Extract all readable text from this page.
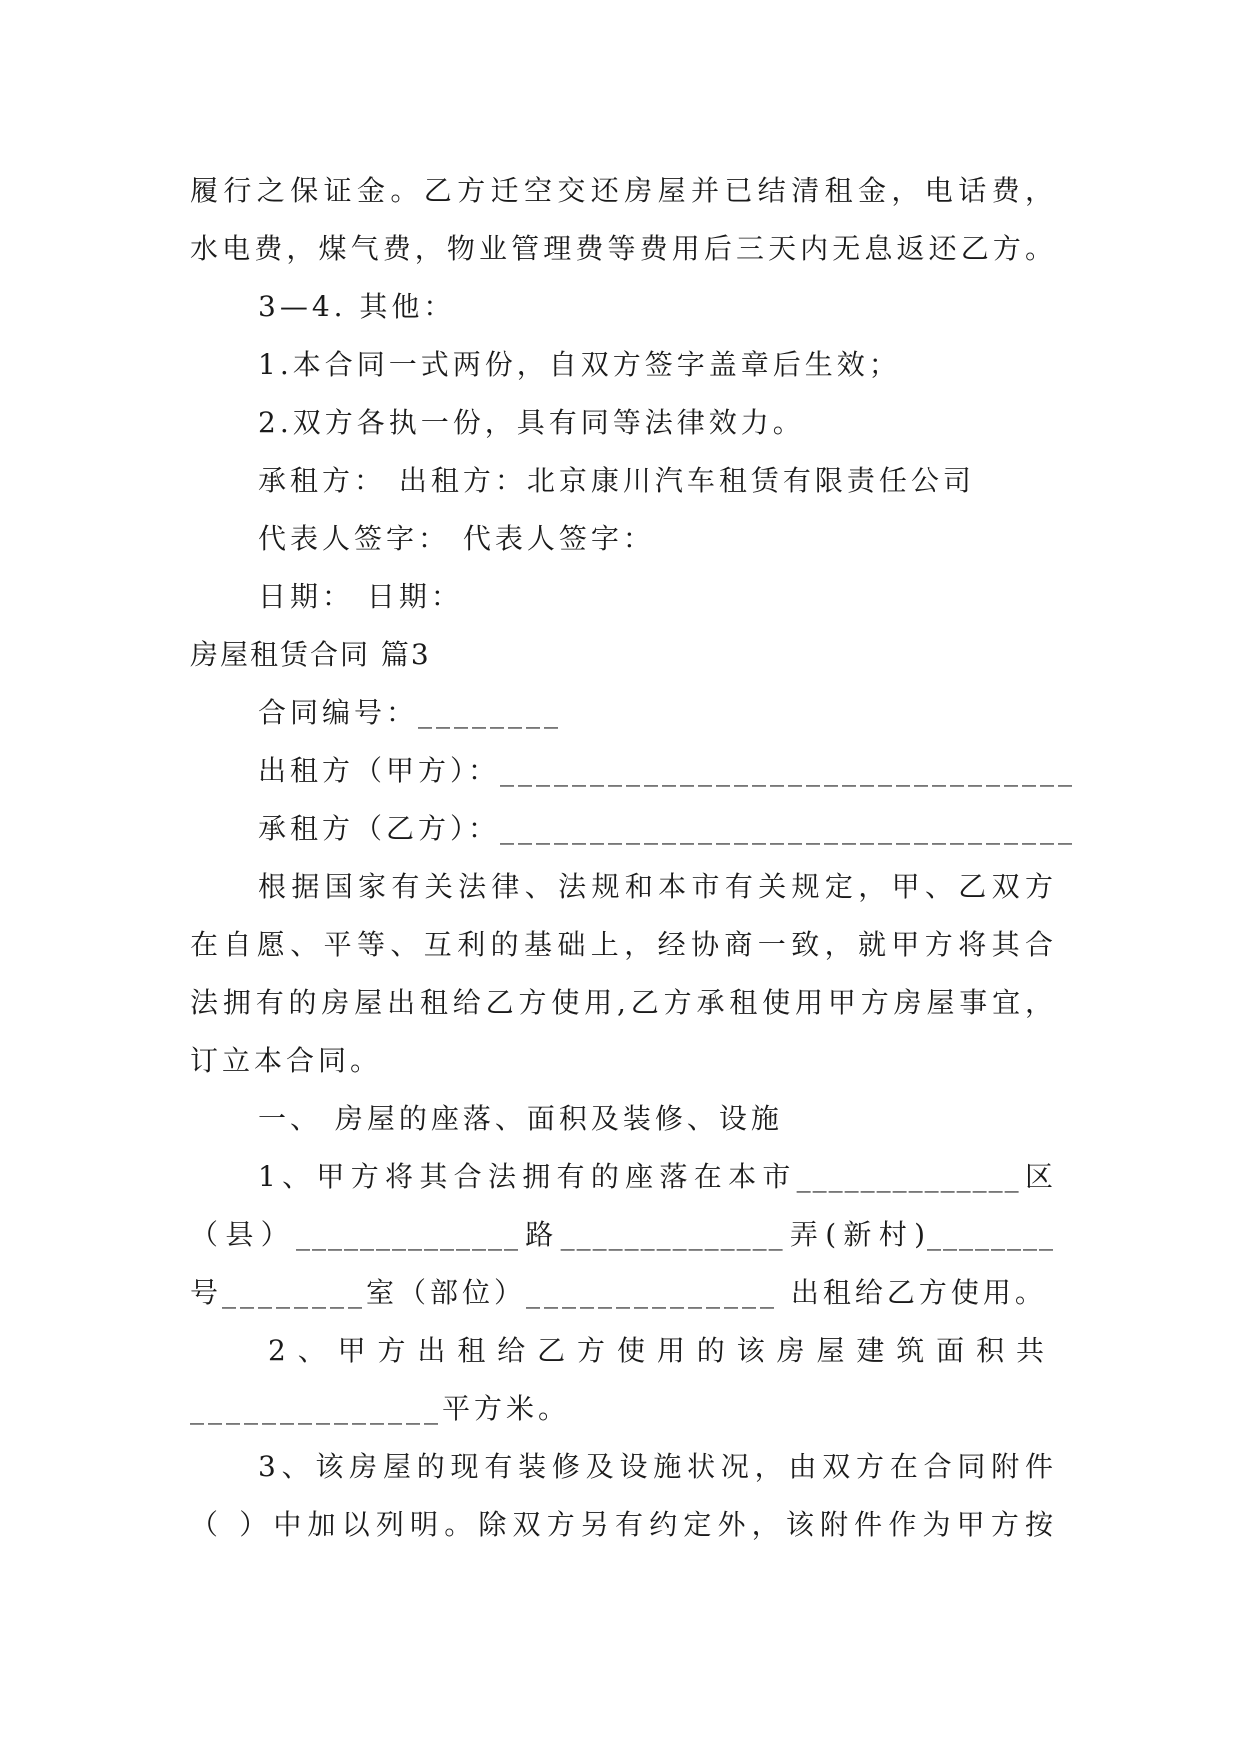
履行之保证金。乙方迁空交还房屋并已结清租金，电话费，
水电费，煤气费，物业管理费等费用后三天内无息返还乙方。
3—4. 其他：
1.本合同一式两份，自双方签字盖章后生效；
2.双方各执一份，具有同等法律效力。
承租方： 出租方：北京康川汽车租赁有限责任公司
代表人签字： 代表人签字：
日期： 日期：
房屋租赁合同 篇3
合同编号：________
出租方（甲方）：________________________________
承租方（乙方）：________________________________
根据国家有关法律、法规和本市有关规定，甲、乙双方
在自愿、平等、互利的基础上，经协商一致，就甲方将其合
法拥有的房屋出租给乙方使用,乙方承租使用甲方房屋事宜，
订立本合同。
一、 房屋的座落、面积及装修、设施
1、甲方将其合法拥有的座落在本市______________区
（县）______________路______________弄(新村)________
号________室（部位）______________ 出租给乙方使用。
2、甲方出租给乙方使用的该房屋建筑面积共
______________平方米。
3、该房屋的现有装修及设施状况，由双方在合同附件
（ ）中加以列明。除双方另有约定外，该附件作为甲方按
